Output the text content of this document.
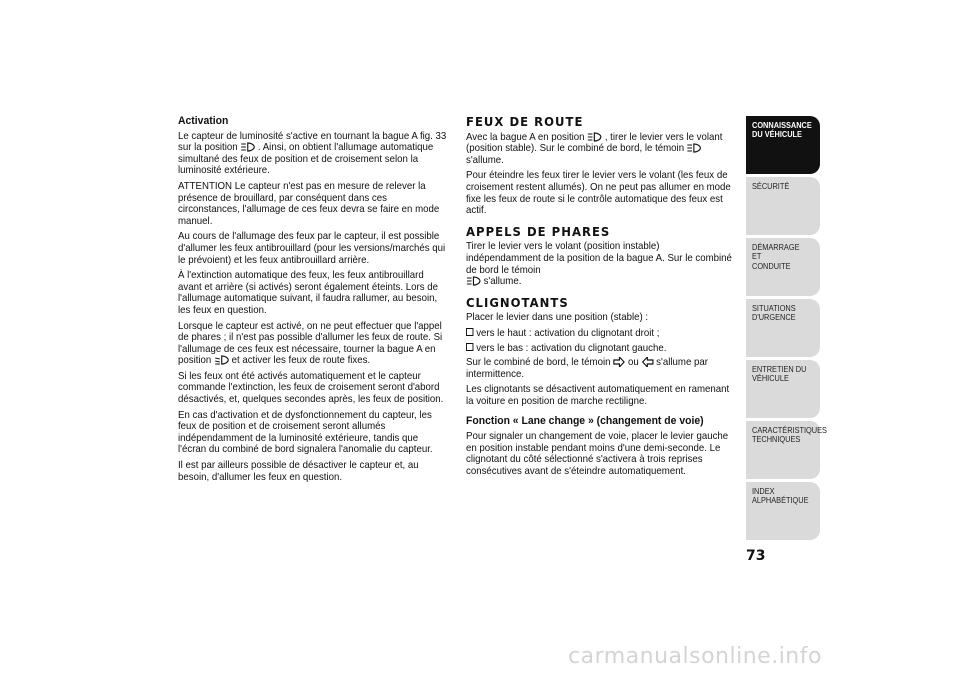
Activation

Le capteur de luminosité s'active en tournant la bague A fig. 33 sur la position . Ainsi, on obtient l'allumage automatique simultané des feux de position et de croisement selon la luminosité extérieure.

ATTENTION Le capteur n'est pas en mesure de relever la présence de brouillard, par conséquent dans ces circonstances, l'allumage de ces feux devra se faire en mode manuel.

Au cours de l'allumage des feux par le capteur, il est possible d'allumer les feux antibrouillard (pour les versions/marchés qui le prévoient) et les feux antibrouillard arrière.

À l'extinction automatique des feux, les feux antibrouillard avant et arrière (si activés) seront également éteints. Lors de l'allumage automatique suivant, il faudra rallumer, au besoin, les feux en question.

Lorsque le capteur est activé, on ne peut effectuer que l'appel de phares ; il n'est pas possible d'allumer les feux de route. Si l'allumage de ces feux est nécessaire, tourner la bague A en position et activer les feux de route fixes.

Si les feux ont été activés automatiquement et le capteur commande l'extinction, les feux de croisement seront d'abord désactivés, et, quelques secondes après, les feux de position.

En cas d'activation et de dysfonctionnement du capteur, les feux de position et de croisement seront allumés indépendamment de la luminosité extérieure, tandis que l'écran du combiné de bord signalera l'anomalie du capteur.

Il est par ailleurs possible de désactiver le capteur et, au besoin, d'allumer les feux en question.

FEUX DE ROUTE

Avec la bague A en position , tirer le levier vers le volant (position stable). Sur le combiné de bord, le témoin  s'allume.

Pour éteindre les feux tirer le levier vers le volant (les feux de croisement restent allumés). On ne peut pas allumer en mode fixe les feux de route si le contrôle automatique des feux est actif.

APPELS DE PHARES

Tirer le levier vers le volant (position instable) indépendamment de la position de la bague A. Sur le combiné de bord le témoin
s'allume.

CLIGNOTANTS

Placer le levier dans une position (stable) :

vers le haut : activation du clignotant droit ;
vers le bas : activation du clignotant gauche.

Sur le combiné de bord, le témoin ou s'allume par intermittence.

Les clignotants se désactivent automatiquement en ramenant la voiture en position de marche rectiligne.

Fonction « Lane change » (changement de voie)

Pour signaler un changement de voie, placer le levier gauche en position instable pendant moins d'une demi-seconde. Le clignotant du côté sélectionné s'activera à trois reprises consécutives avant de s'éteindre automatiquement.

CONNAISSANCE
DU VÉHICULE
SÉCURITÉ
DÉMARRAGE ET
CONDUITE
SITUATIONS
D'URGENCE
ENTRETIEN DU
VÉHICULE
CARACTÉRISTIQUES
TECHNIQUES
INDEX
ALPHABÉTIQUE
73
carmanualsonline.info
